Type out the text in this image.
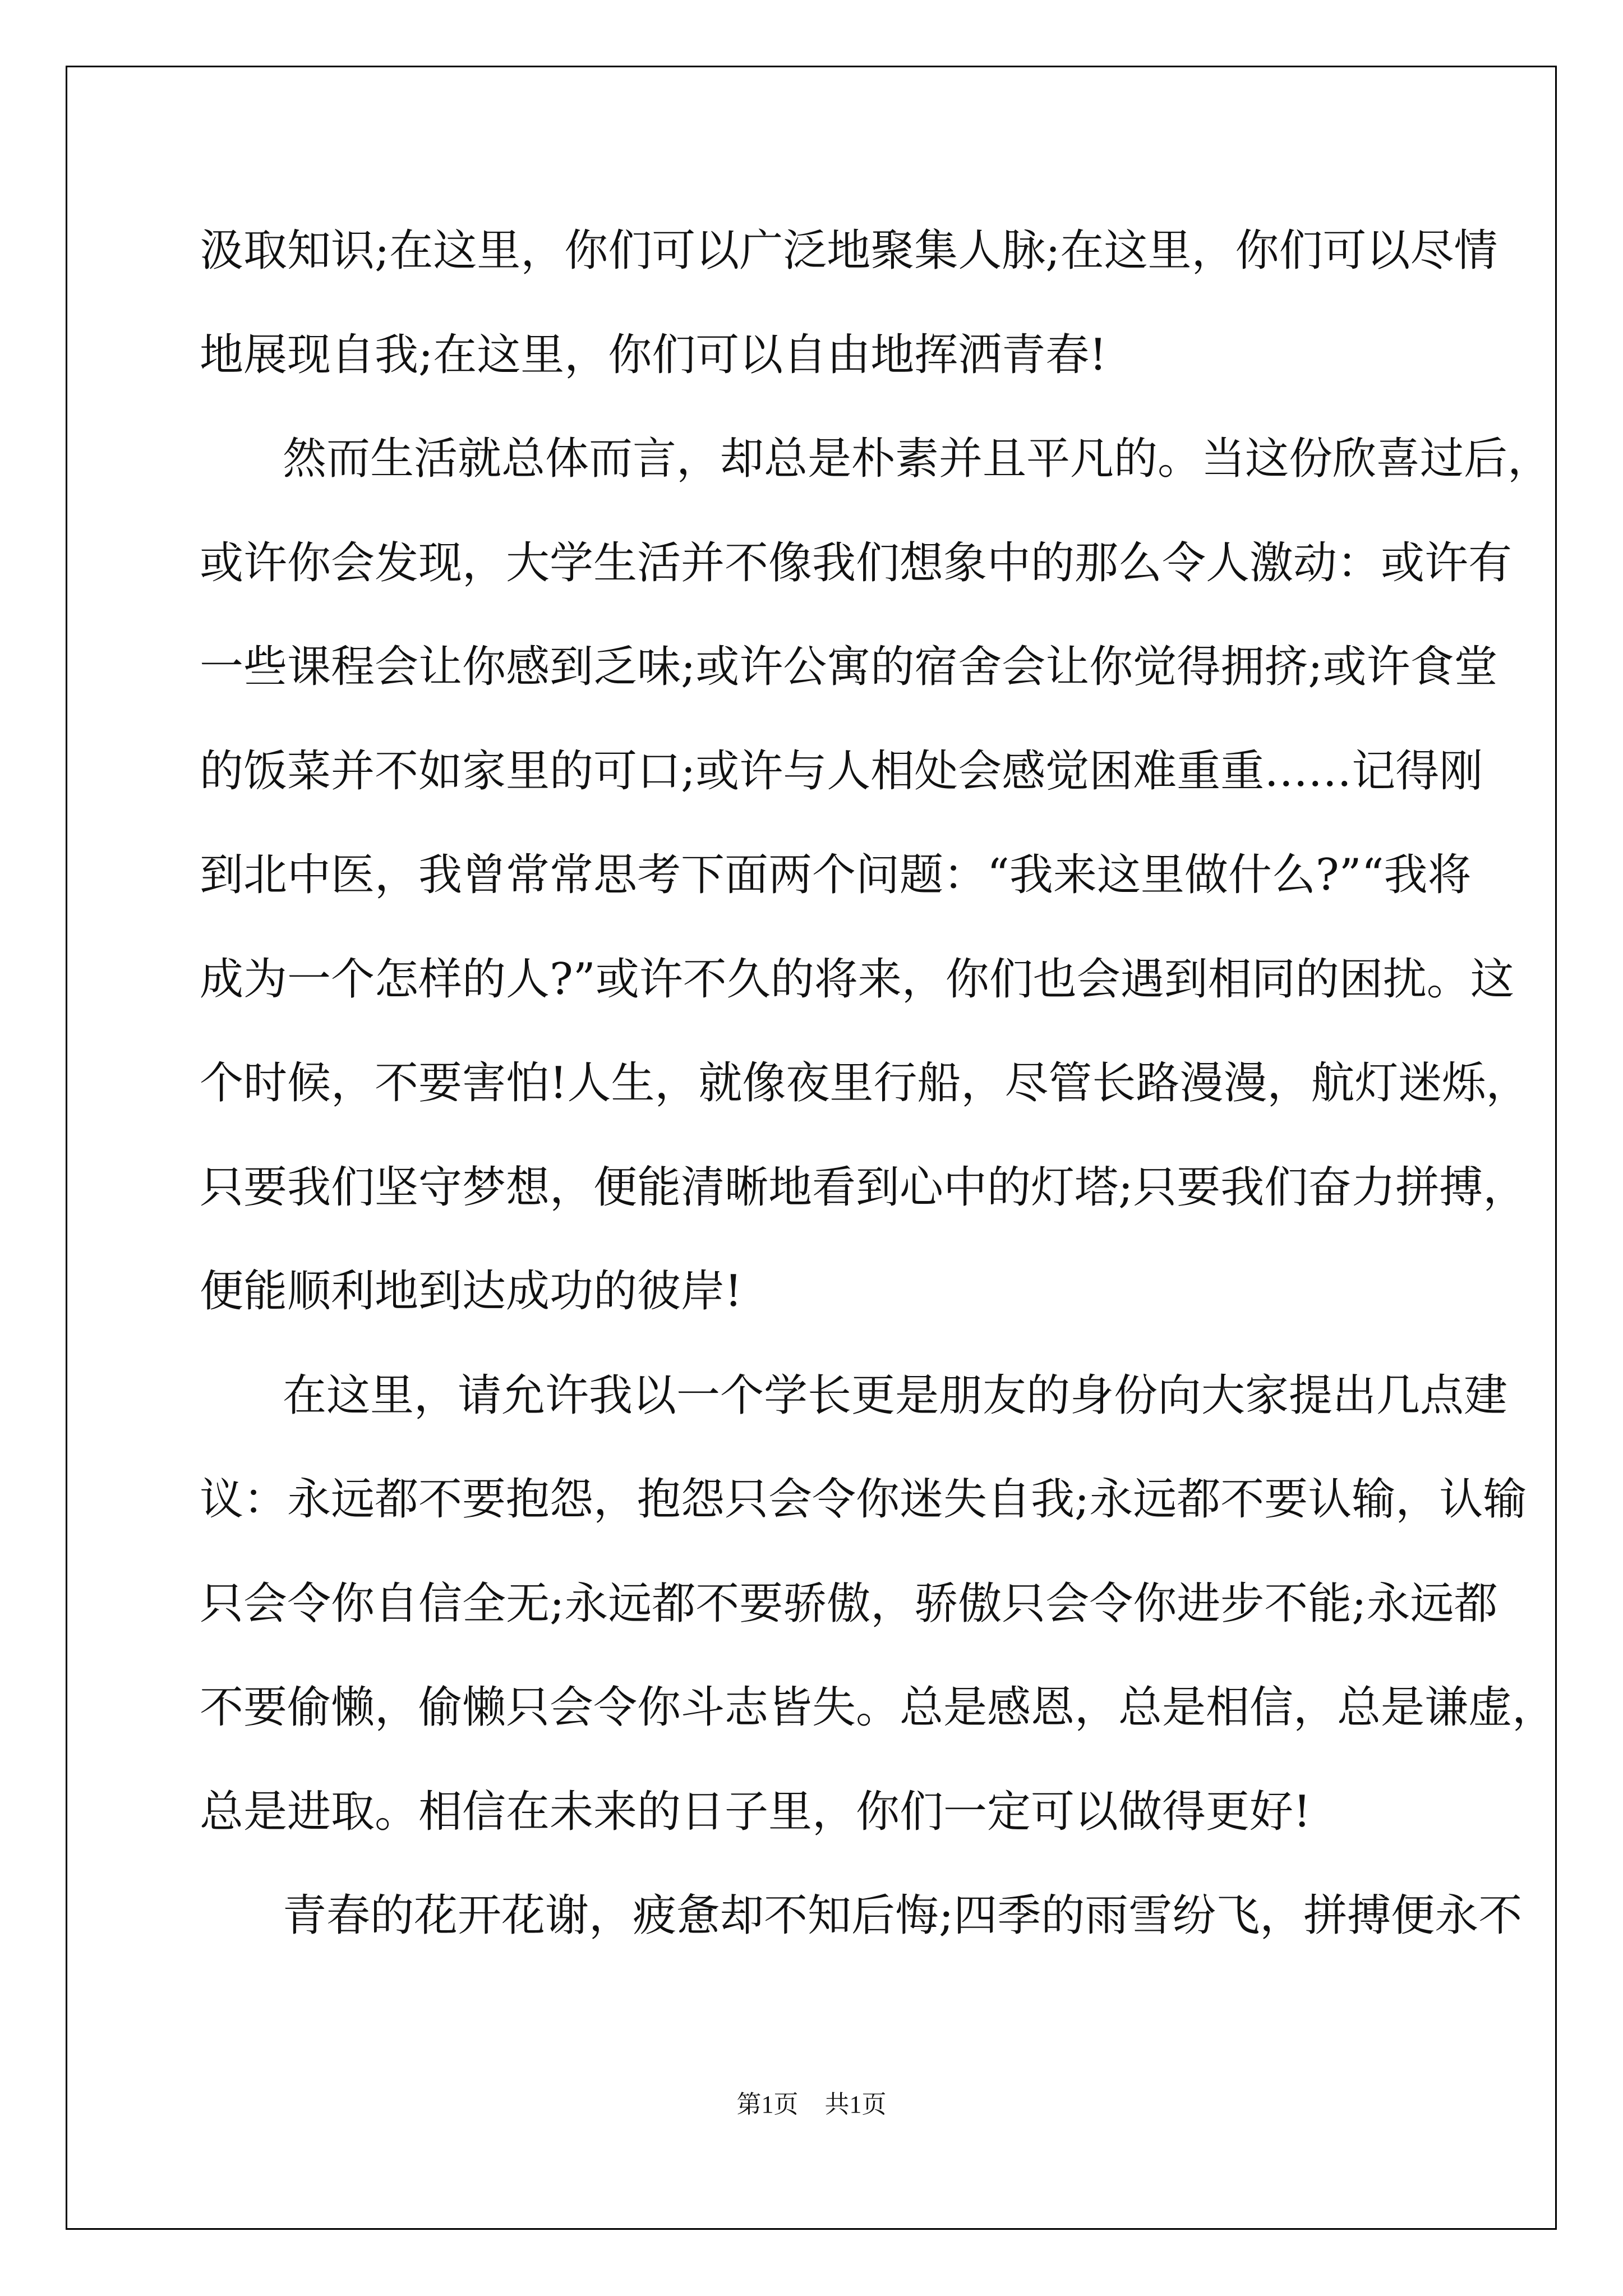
汲取知识;在这里，你们可以广泛地聚集人脉;在这里，你们可以尽情
地展现自我;在这里，你们可以自由地挥洒青春!
然而生活就总体而言，却总是朴素并且平凡的。当这份欣喜过后，
或许你会发现，大学生活并不像我们想象中的那么令人激动：或许有
一些课程会让你感到乏味;或许公寓的宿舍会让你觉得拥挤;或许食堂
的饭菜并不如家里的可口;或许与人相处会感觉困难重重……记得刚
到北中医，我曾常常思考下面两个问题：“我来这里做什么?”“我将
成为一个怎样的人?”或许不久的将来，你们也会遇到相同的困扰。这
个时候，不要害怕!人生，就像夜里行船，尽管长路漫漫，航灯迷烁，
只要我们坚守梦想，便能清晰地看到心中的灯塔;只要我们奋力拼搏，
便能顺利地到达成功的彼岸!
在这里，请允许我以一个学长更是朋友的身份向大家提出几点建
议：永远都不要抱怨，抱怨只会令你迷失自我;永远都不要认输，认输
只会令你自信全无;永远都不要骄傲，骄傲只会令你进步不能;永远都
不要偷懒，偷懒只会令你斗志皆失。总是感恩，总是相信，总是谦虚，
总是进取。相信在未来的日子里，你们一定可以做得更好!
青春的花开花谢，疲惫却不知后悔;四季的雨雪纷飞，拼搏便永不
第1页 共1页
